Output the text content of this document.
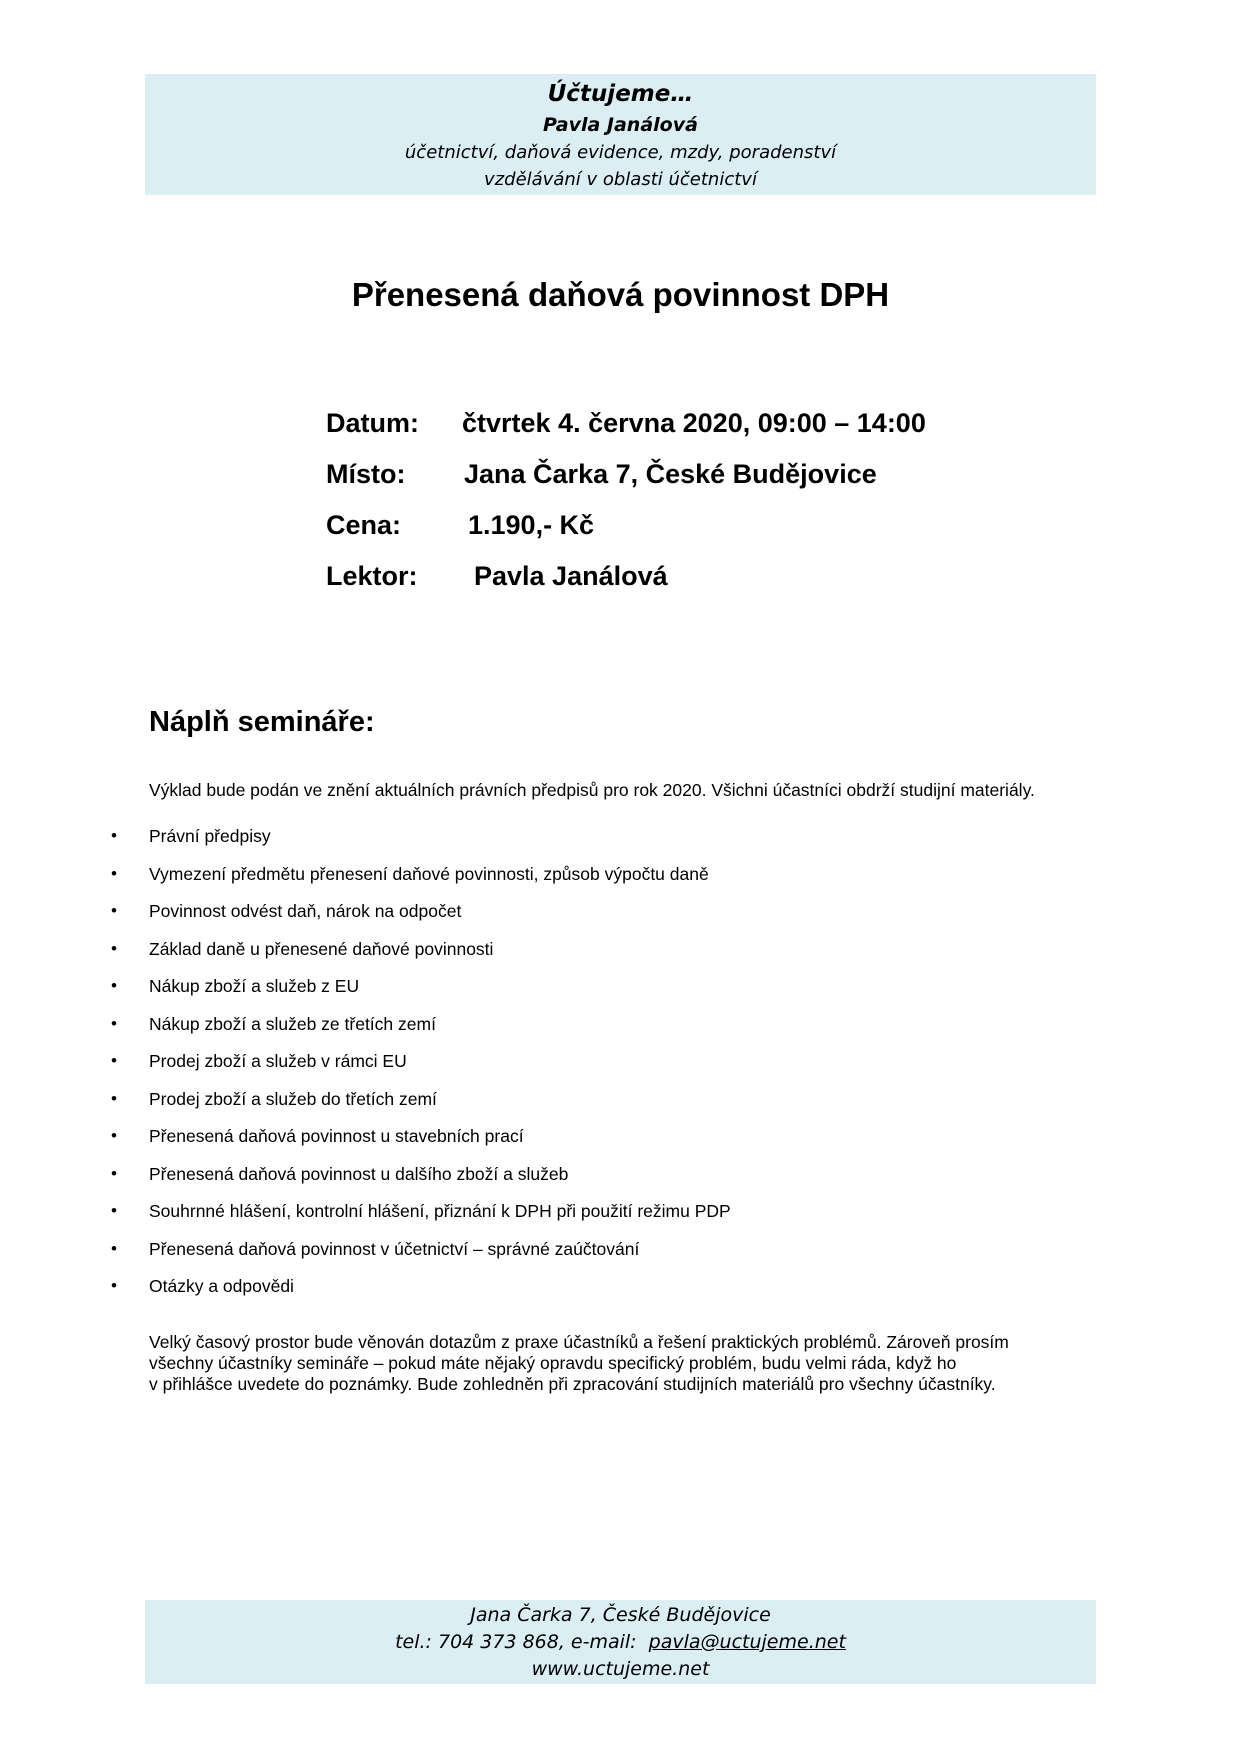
Účtujeme…
Pavla Janálová
účetnictví, daňová evidence, mzdy, poradenství
vzdělávání v oblasti účetnictví
Přenesená daňová povinnost DPH
Datum: čtvrtek 4. června 2020, 09:00 – 14:00
Místo: Jana Čarka 7, České Budějovice
Cena: 1.190,- Kč
Lektor: Pavla Janálová
Náplň semináře:

Výklad bude podán ve znění aktuálních právních předpisů pro rok 2020. Všichni účastníci obdrží studijní materiály.

• Právní předpisy
• Vymezení předmětu přenesení daňové povinnosti, způsob výpočtu daně
• Povinnost odvést daň, nárok na odpočet
• Základ daně u přenesené daňové povinnosti
• Nákup zboží a služeb z EU
• Nákup zboží a služeb ze třetích zemí
• Prodej zboží a služeb v rámci EU
• Prodej zboží a služeb do třetích zemí
• Přenesená daňová povinnost u stavebních prací
• Přenesená daňová povinnost u dalšího zboží a služeb
• Souhrnné hlášení, kontrolní hlášení, přiznání k DPH při použití režimu PDP
• Přenesená daňová povinnost v účetnictví – správné zaúčtování
• Otázky a odpovědi

Velký časový prostor bude věnován dotazům z praxe účastníků a řešení praktických problémů. Zároveň prosím
všechny účastníky semináře – pokud máte nějaký opravdu specifický problém, budu velmi ráda, když ho
v přihlášce uvedete do poznámky. Bude zohledněn při zpracování studijních materiálů pro všechny účastníky.

Jana Čarka 7, České Budějovice
tel.: 704 373 868, e-mail:  pavla@uctujeme.net
www.uctujeme.net
